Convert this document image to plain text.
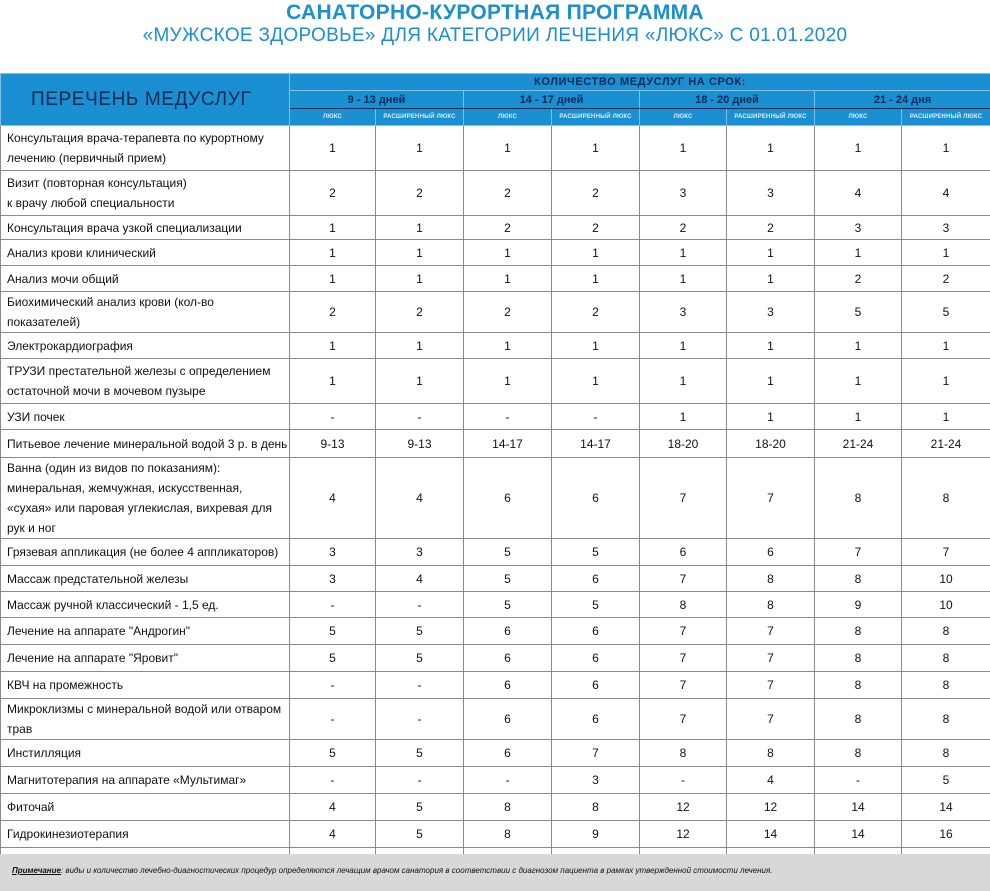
САНАТОРНО-КУРОРТНАЯ ПРОГРАММА
«МУЖСКОЕ ЗДОРОВЬЕ» ДЛЯ КАТЕГОРИИ ЛЕЧЕНИЯ «ЛЮКС» С 01.01.2020
ПЕРЕЧЕНЬ МЕДУСЛУГ	КОЛИЧЕСТВО МЕДУСЛУГ НА СРОК:							
	9 - 13 дней		14 - 17 дней		18 - 20 дней		21 - 24 дня	
	ЛЮКС	РАСШИРЕННЫЙ ЛЮКС	ЛЮКС	РАСШИРЕННЫЙ ЛЮКС	ЛЮКС	РАСШИРЕННЫЙ ЛЮКС	ЛЮКС	РАСШИРЕННЫЙ ЛЮКС

Консультация врача-терапевта по курортному
лечению (первичный прием)	1	1	1	1	1	1	1	1

Визит (повторная консультация)
к врачу любой специальности	2	2	2	2	3	3	4	4

Консультация врача узкой специализации	1	1	2	2	2	2	3	3

Анализ крови клинический	1	1	1	1	1	1	1	1

Анализ мочи общий	1	1	1	1	1	1	2	2

Биохимический анализ крови (кол-во показателей)	2	2	2	2	3	3	5	5

Электрокардиография	1	1	1	1	1	1	1	1

ТРУЗИ престательной железы с определением
остаточной мочи в мочевом пузыре	1	1	1	1	1	1	1	1

УЗИ почек	-	-	-	-	1	1	1	1

Питьевое лечение минеральной водой 3 р. в день	9-13	9-13	14-17	14-17	18-20	18-20	21-24	21-24

Ванна (один из видов по показаниям):
минеральная, жемчужная, искусственная,
«сухая» или паровая углекислая, вихревая для рук и ног	4	4	6	6	7	7	8	8

Грязевая аппликация (не более 4 аппликаторов)	3	3	5	5	6	6	7	7

Массаж предстательной железы	3	4	5	6	7	8	8	10

Массаж ручной классический - 1,5 ед.	-	-	5	5	8	8	9	10

Лечение на аппарате "Андрогин"	5	5	6	6	7	7	8	8

Лечение на аппарате "Яровит"	5	5	6	6	7	7	8	8

КВЧ на промежность	-	-	6	6	7	7	8	8

Микроклизмы с минеральной водой или отваром трав	-	-	6	6	7	7	8	8

Инстилляция	5	5	6	7	8	8	8	8

Магнитотерапия на аппарате «Мультимаг»	-	-	-	3	-	4	-	5

Фиточай	4	5	8	8	12	12	14	14

Гидрокинезиотерапия	4	5	8	9	12	14	14	16

Примечание: виды и количество лечебно-диагностических процедур определяются лечащим врачом санатория в соответствии с диагнозом пациента в рамках утвержденной стоимости лечения.
